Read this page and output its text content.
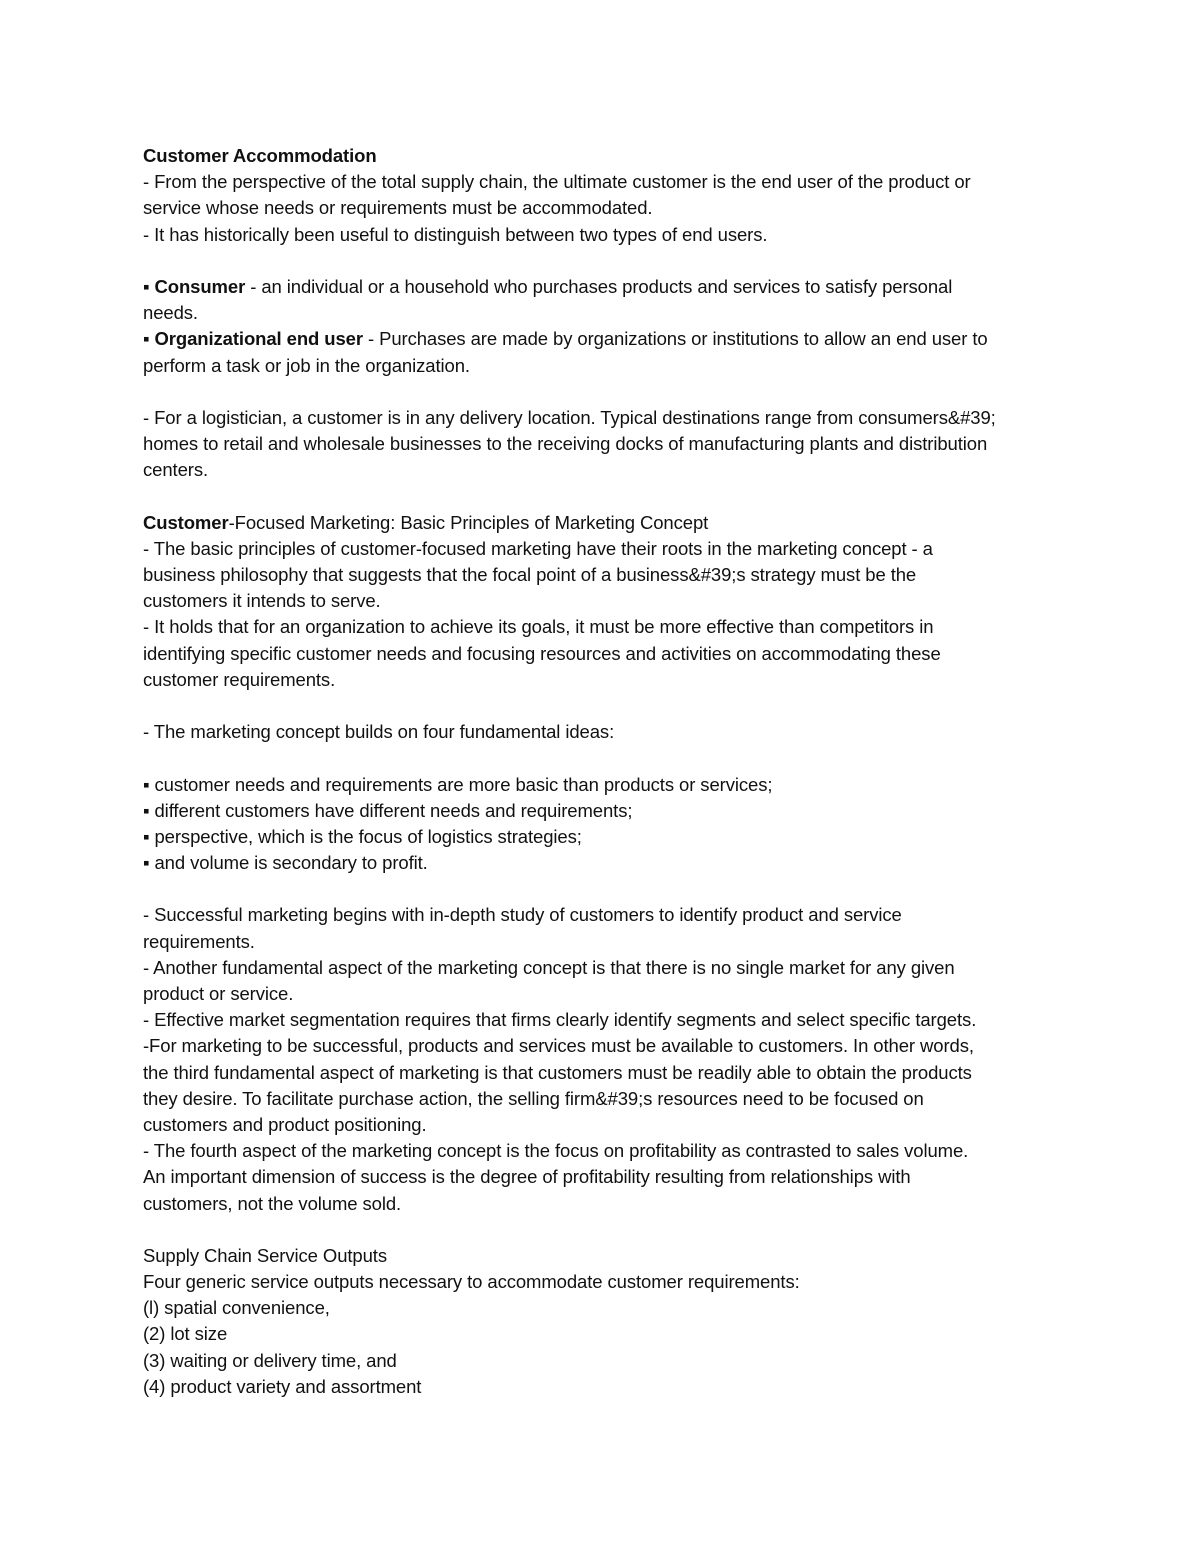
Customer Accommodation
- From the perspective of the total supply chain, the ultimate customer is the end user of the product or
service whose needs or requirements must be accommodated.
- It has historically been useful to distinguish between two types of end users.
▪ Consumer - an individual or a household who purchases products and services to satisfy personal
needs.
▪ Organizational end user - Purchases are made by organizations or institutions to allow an end user to
perform a task or job in the organization.
- For a logistician, a customer is in any delivery location. Typical destinations range from consumers&#39;
homes to retail and wholesale businesses to the receiving docks of manufacturing plants and distribution
centers.
Customer-Focused Marketing: Basic Principles of Marketing Concept
- The basic principles of customer-focused marketing have their roots in the marketing concept - a
business philosophy that suggests that the focal point of a business&#39;s strategy must be the
customers it intends to serve.
- It holds that for an organization to achieve its goals, it must be more effective than competitors in
identifying specific customer needs and focusing resources and activities on accommodating these
customer requirements.
- The marketing concept builds on four fundamental ideas:
▪ customer needs and requirements are more basic than products or services;
▪ different customers have different needs and requirements;
▪ perspective, which is the focus of logistics strategies;
▪ and volume is secondary to profit.
- Successful marketing begins with in-depth study of customers to identify product and service
requirements.
- Another fundamental aspect of the marketing concept is that there is no single market for any given
product or service.
- Effective market segmentation requires that firms clearly identify segments and select specific targets.
-For marketing to be successful, products and services must be available to customers. In other words,
the third fundamental aspect of marketing is that customers must be readily able to obtain the products
they desire. To facilitate purchase action, the selling firm&#39;s resources need to be focused on
customers and product positioning.
- The fourth aspect of the marketing concept is the focus on profitability as contrasted to sales volume.
An important dimension of success is the degree of profitability resulting from relationships with
customers, not the volume sold.
Supply Chain Service Outputs
Four generic service outputs necessary to accommodate customer requirements:
(l) spatial convenience,
(2) lot size
(3) waiting or delivery time, and
(4) product variety and assortment
